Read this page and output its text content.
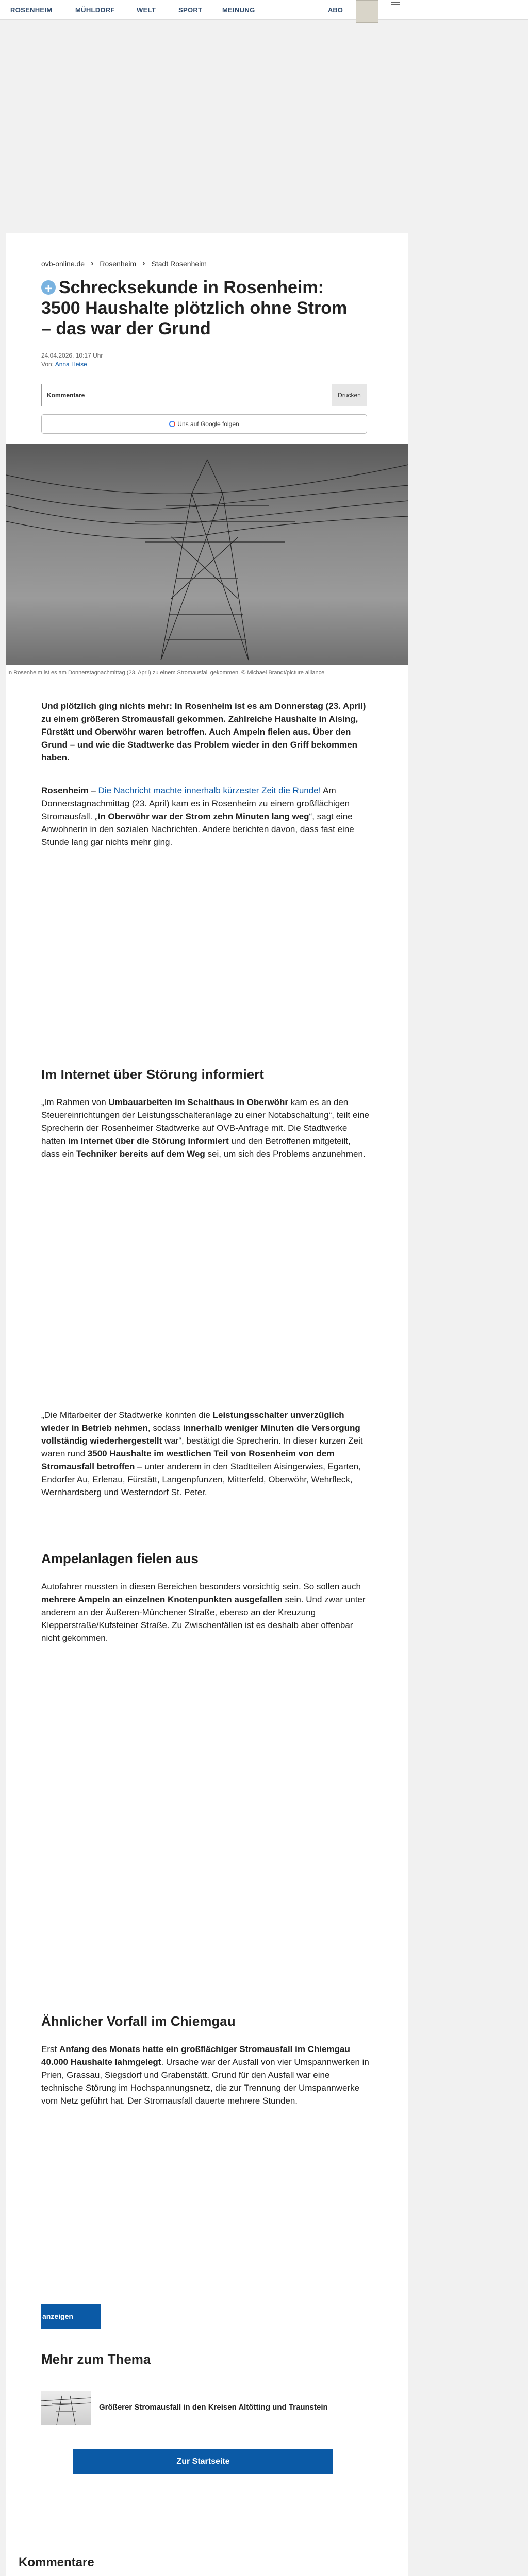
ROSENHEIM	MÜHLDORF	WELT	SPORT	MEINUNG	ABO
ovb-online.de › Rosenheim › Stadt Rosenheim
+Schrecksekunde in Rosenheim: 3500 Haushalte plötzlich ohne Strom – das war der Grund
24.04.2026, 10:17 Uhr
Von: Anna Heise
Kommentare	Drucken
Uns auf Google folgen
In Rosenheim ist es am Donnerstagnachmittag (23. April) zu einem Stromausfall gekommen. © Michael Brandt/picture alliance

Und plötzlich ging nichts mehr: In Rosenheim ist es am Donnerstag (23. April) zu einem größeren Stromausfall gekommen. Zahlreiche Haushalte in Aising, Fürstätt und Oberwöhr waren betroffen. Auch Ampeln fielen aus. Über den Grund – und wie die Stadtwerke das Problem wieder in den Griff bekommen haben.

Rosenheim – Die Nachricht machte innerhalb kürzester Zeit die Runde! Am Donnerstagnachmittag (23. April) kam es in Rosenheim zu einem großflächigen Stromausfall. „In Oberwöhr war der Strom zehn Minuten lang weg“, sagt eine Anwohnerin in den sozialen Nachrichten. Andere berichten davon, dass fast eine Stunde lang gar nichts mehr ging.

Im Internet über Störung informiert

„Im Rahmen von Umbauarbeiten im Schalthaus in Oberwöhr kam es an den Steuereinrichtungen der Leistungsschalteranlage zu einer Notabschaltung“, teilt eine Sprecherin der Rosenheimer Stadtwerke auf OVB-Anfrage mit. Die Stadtwerke hatten im Internet über die Störung informiert und den Betroffenen mitgeteilt, dass ein Techniker bereits auf dem Weg sei, um sich des Problems anzunehmen.

„Die Mitarbeiter der Stadtwerke konnten die Leistungsschalter unverzüglich wieder in Betrieb nehmen, sodass innerhalb weniger Minuten die Versorgung vollständig wiederhergestellt war“, bestätigt die Sprecherin. In dieser kurzen Zeit waren rund 3500 Haushalte im westlichen Teil von Rosenheim von dem Stromausfall betroffen – unter anderem in den Stadtteilen Aisingerwies, Egarten, Endorfer Au, Erlenau, Fürstätt, Langenpfunzen, Mitterfeld, Oberwöhr, Wehrfleck, Wernhardsberg und Westerndorf St. Peter.

Ampelanlagen fielen aus

Autofahrer mussten in diesen Bereichen besonders vorsichtig sein. So sollen auch mehrere Ampeln an einzelnen Knotenpunkten ausgefallen sein. Und zwar unter anderem an der Äußeren-Münchener Straße, ebenso an der Kreuzung Klepperstraße/Kufsteiner Straße. Zu Zwischenfällen ist es deshalb aber offenbar nicht gekommen.

Ähnlicher Vorfall im Chiemgau

Erst Anfang des Monats hatte ein großflächiger Stromausfall im Chiemgau 40.000 Haushalte lahmgelegt. Ursache war der Ausfall von vier Umspannwerken in Prien, Grassau, Siegsdorf und Grabenstätt. Grund für den Ausfall war eine technische Störung im Hochspannungsnetz, die zur Trennung der Umspannwerke vom Netz geführt hat. Der Stromausfall dauerte mehrere Stunden.

anzeigen
Mehr zum Thema
Größerer Stromausfall in den Kreisen Altötting und Traunstein
Zur Startseite
Kommentare
